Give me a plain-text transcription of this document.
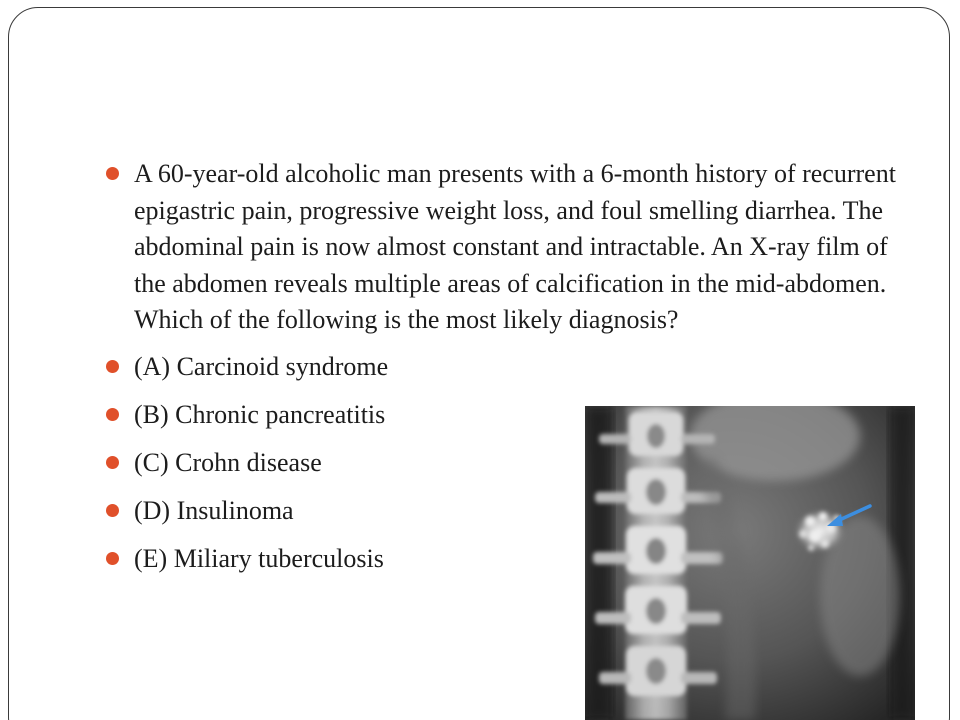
A 60-year-old alcoholic man presents with a 6-month history of recurrent epigastric pain, progressive weight loss, and foul smelling diarrhea. The abdominal pain is now almost constant and intractable. An X-ray film of the abdomen reveals multiple areas of calcification in the mid-abdomen. Which of the following is the most likely diagnosis?
(A) Carcinoid syndrome
(B) Chronic pancreatitis
(C) Crohn disease
(D) Insulinoma
(E) Miliary tuberculosis
